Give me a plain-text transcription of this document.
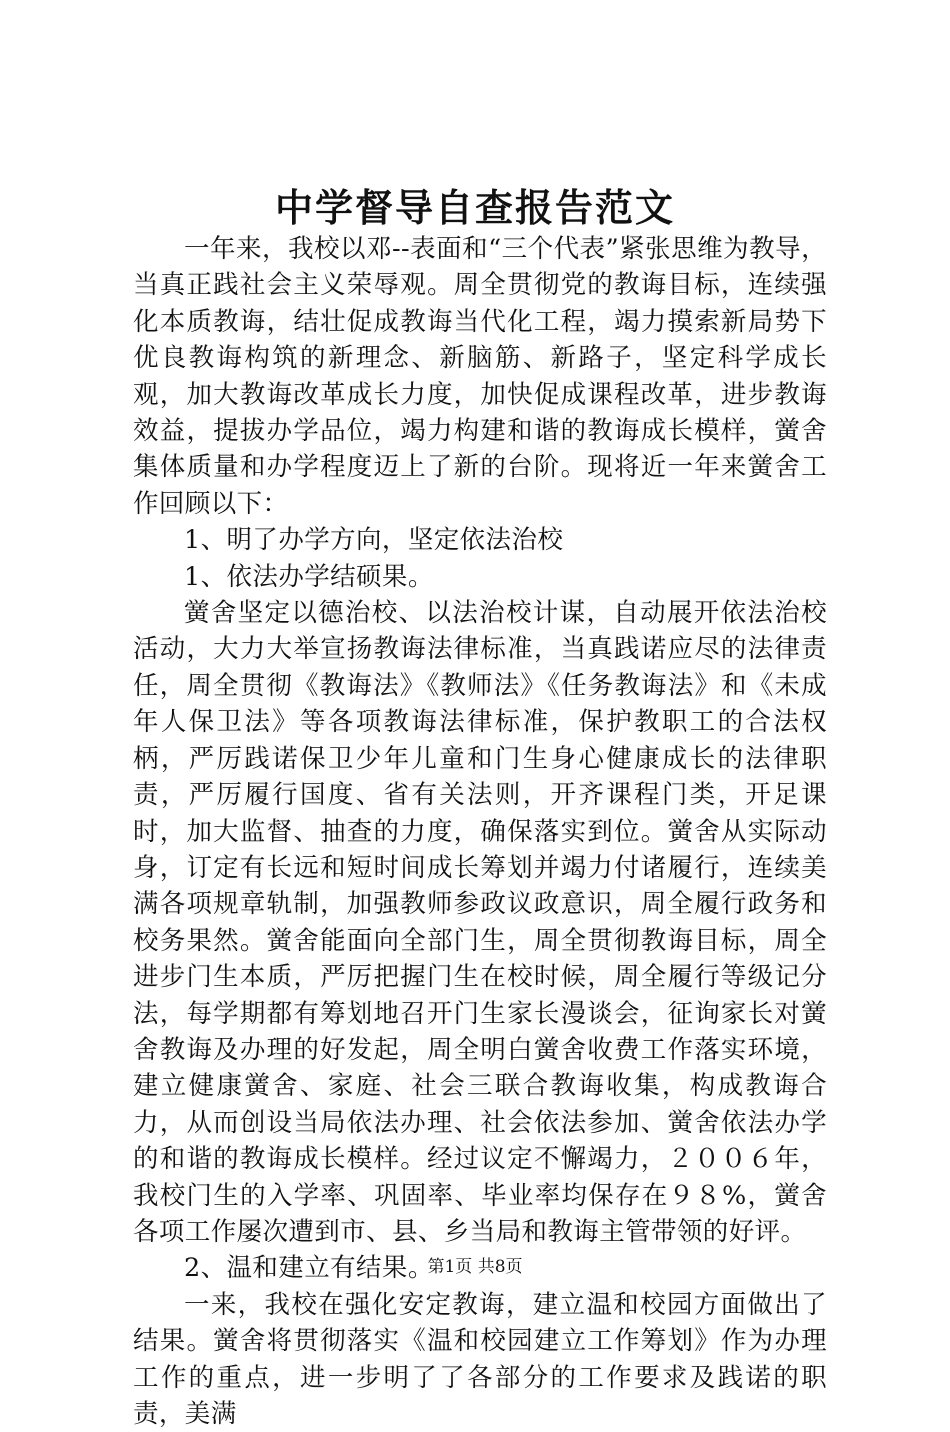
中学督导自查报告范文

一年来，我校以邓--表面和“三个代表”紧张思维为教导，当真正践社会主义荣辱观。周全贯彻党的教诲目标，连续强化本质教诲，结壮促成教诲当代化工程，竭力摸索新局势下优良教诲构筑的新理念、新脑筋、新路子，坚定科学成长观，加大教诲改革成长力度，加快促成课程改革，进步教诲效益，提拔办学品位，竭力构建和谐的教诲成长模样，黉舍集体质量和办学程度迈上了新的台阶。现将近一年来黉舍工作回顾以下：

1、明了办学方向，坚定依法治校

1、依法办学结硕果。

黉舍坚定以德治校、以法治校计谋，自动展开依法治校活动，大力大举宣扬教诲法律标准，当真践诺应尽的法律责任，周全贯彻《教诲法》《教师法》《任务教诲法》和《未成年人保卫法》等各项教诲法律标准，保护教职工的合法权柄，严厉践诺保卫少年儿童和门生身心健康成长的法律职责，严厉履行国度、省有关法则，开齐课程门类，开足课时，加大监督、抽查的力度，确保落实到位。黉舍从实际动身，订定有长远和短时间成长筹划并竭力付诸履行，连续美满各项规章轨制，加强教师参政议政意识，周全履行政务和校务果然。黉舍能面向全部门生，周全贯彻教诲目标，周全进步门生本质，严厉把握门生在校时候，周全履行等级记分法，每学期都有筹划地召开门生家长漫谈会，征询家长对黉舍教诲及办理的好发起，周全明白黉舍收费工作落实环境，建立健康黉舍、家庭、社会三联合教诲收集，构成教诲合力，从而创设当局依法办理、社会依法参加、黉舍依法办学的和谐的教诲成长模样。经过议定不懈竭力，２００６年，我校门生的入学率、巩固率、毕业率均保存在９８%，黉舍各项工作屡次遭到市、县、乡当局和教诲主管带领的好评。

2、温和建立有结果。

一来，我校在强化安定教诲，建立温和校园方面做出了结果。黉舍将贯彻落实《温和校园建立工作筹划》作为办理工作的重点，进一步明了了各部分的工作要求及践诺的职责，美满

第1页 共8页
